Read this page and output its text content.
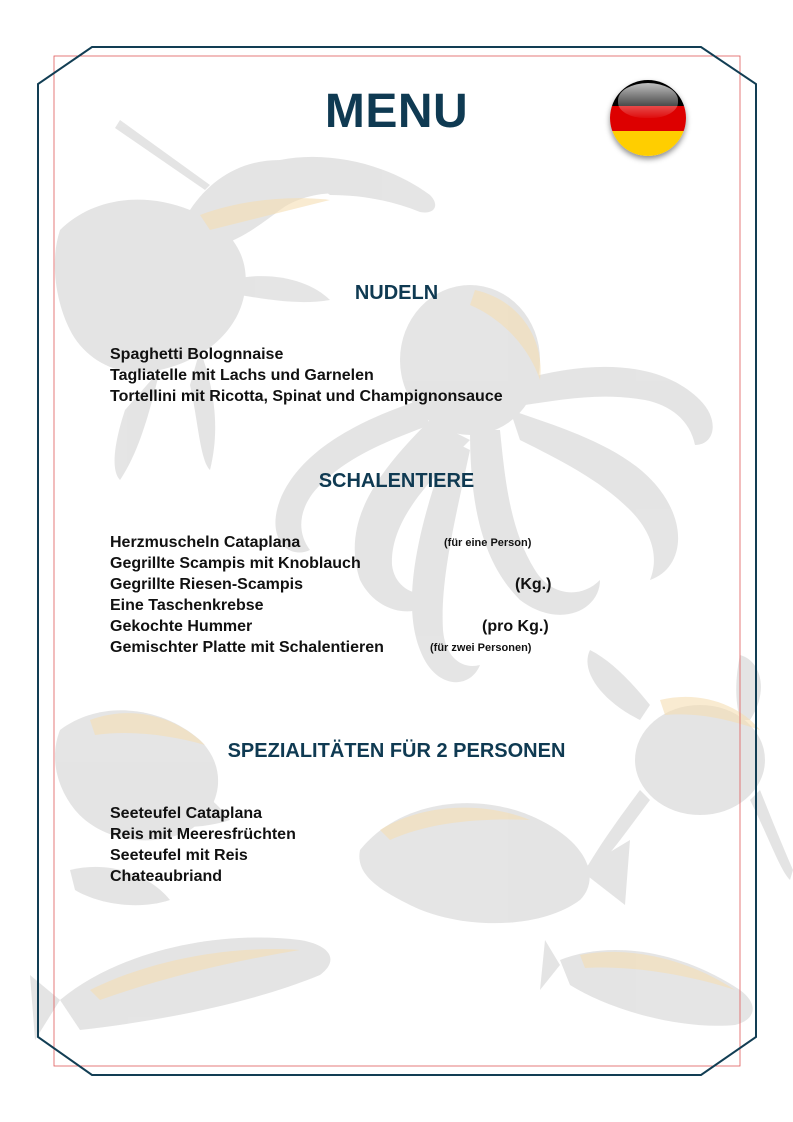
MENU
NUDELN
Spaghetti Bolognnaise
Tagliatelle mit Lachs und Garnelen
Tortellini mit Ricotta, Spinat und Champignonsauce
SCHALENTIERE
Herzmuscheln Cataplana	(für eine Person)
Gegrillte Scampis mit Knoblauch
Gegrillte Riesen-Scampis	(Kg.)
Eine Taschenkrebse
Gekochte Hummer	(pro Kg.)
Gemischter Platte mit Schalentieren	(für zwei Personen)
SPEZIALITÄTEN FÜR 2 PERSONEN
Seeteufel Cataplana
Reis mit Meeresfrüchten
Seeteufel mit Reis
Chateaubriand
